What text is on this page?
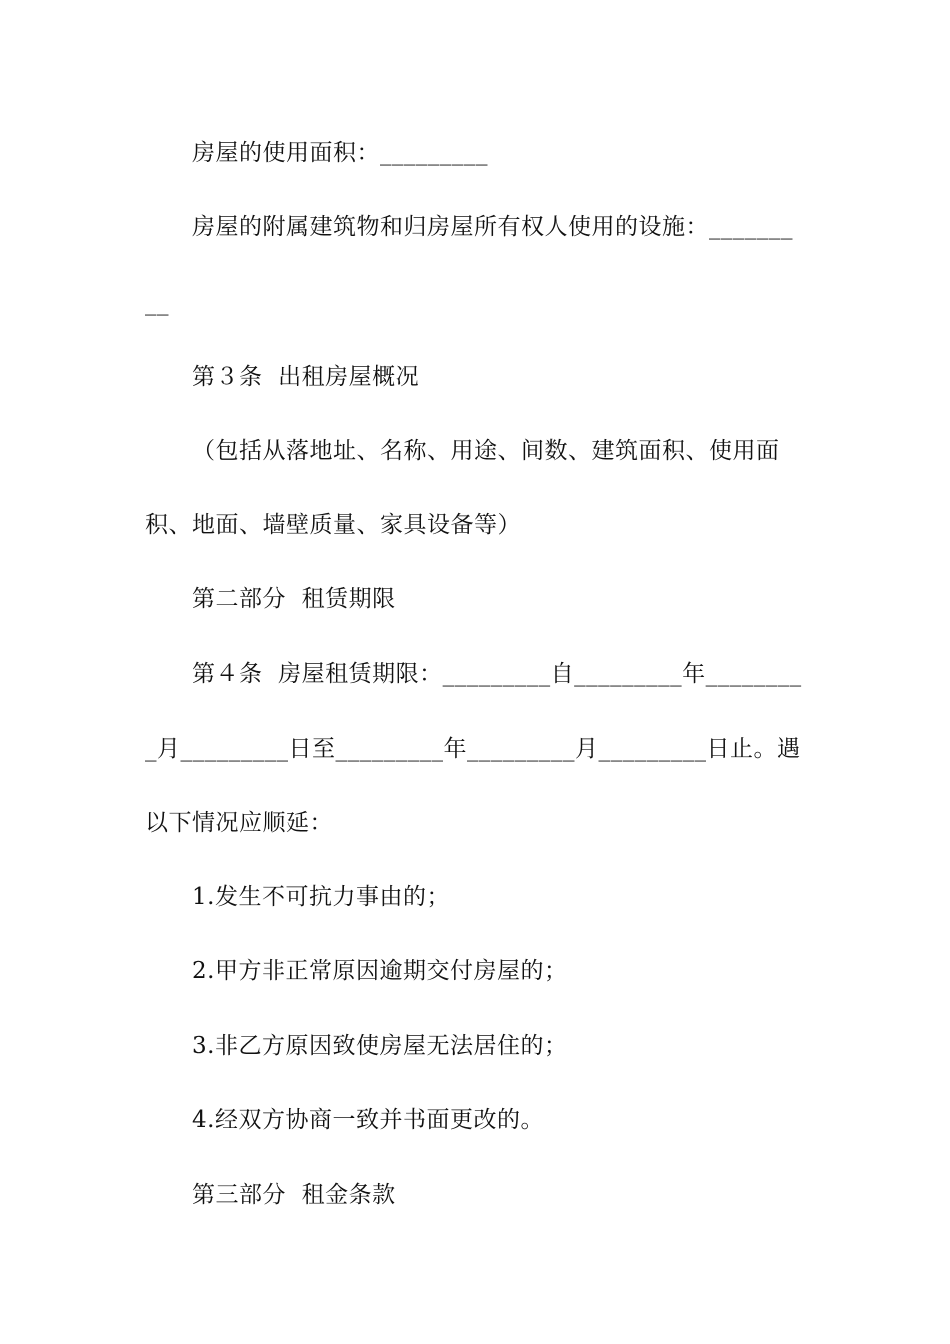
房屋的使用面积：_________
房屋的附属建筑物和归房屋所有权人使用的设施：_______
__
第３条  出租房屋概况
（包括从落地址、名称、用途、间数、建筑面积、使用面
积、地面、墙壁质量、家具设备等）
第二部分  租赁期限
第４条  房屋租赁期限：_________自_________年________
_月_________日至_________年_________月_________日止。遇
以下情况应顺延：
1.发生不可抗力事由的；
2.甲方非正常原因逾期交付房屋的；
3.非乙方原因致使房屋无法居住的；
4.经双方协商一致并书面更改的。
第三部分  租金条款
